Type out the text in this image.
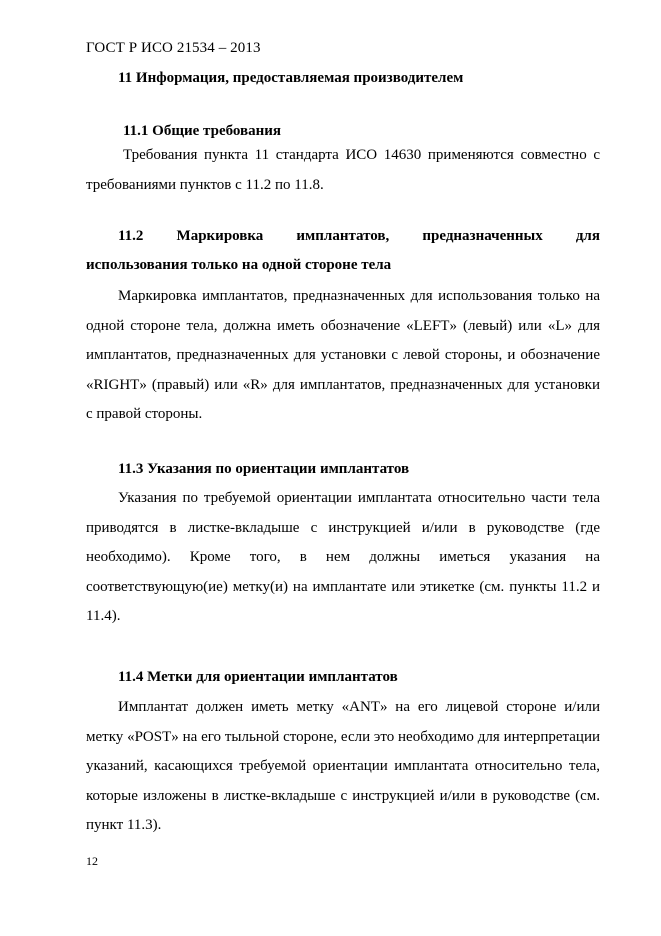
ГОСТ Р ИСО 21534 – 2013
11 Информация, предоставляемая производителем
11.1 Общие требования
Требования пункта 11 стандарта ИСО 14630 применяются совместно с требованиями пунктов с 11.2 по 11.8.
11.2 Маркировка имплантатов, предназначенных для
использования только на одной стороне тела
Маркировка имплантатов, предназначенных для использования только на одной стороне тела, должна иметь обозначение «LEFT» (левый) или «L» для имплантатов, предназначенных для установки с левой стороны, и обозначение «RIGHT» (правый) или «R» для имплантатов, предназначенных для установки с правой стороны.
11.3 Указания по ориентации имплантатов
Указания по требуемой ориентации имплантата относительно части тела приводятся в листке-вкладыше с инструкцией и/или в руководстве (где необходимо). Кроме того, в нем должны иметься указания на соответствующую(ие) метку(и) на имплантате или этикетке (см. пункты 11.2 и 11.4).
11.4 Метки для ориентации имплантатов
Имплантат должен иметь метку «ANT» на его лицевой стороне и/или метку «POST» на его тыльной стороне, если это необходимо для интерпретации указаний, касающихся требуемой ориентации имплантата относительно тела, которые изложены в листке-вкладыше с инструкцией и/или в руководстве (см. пункт 11.3).
12
